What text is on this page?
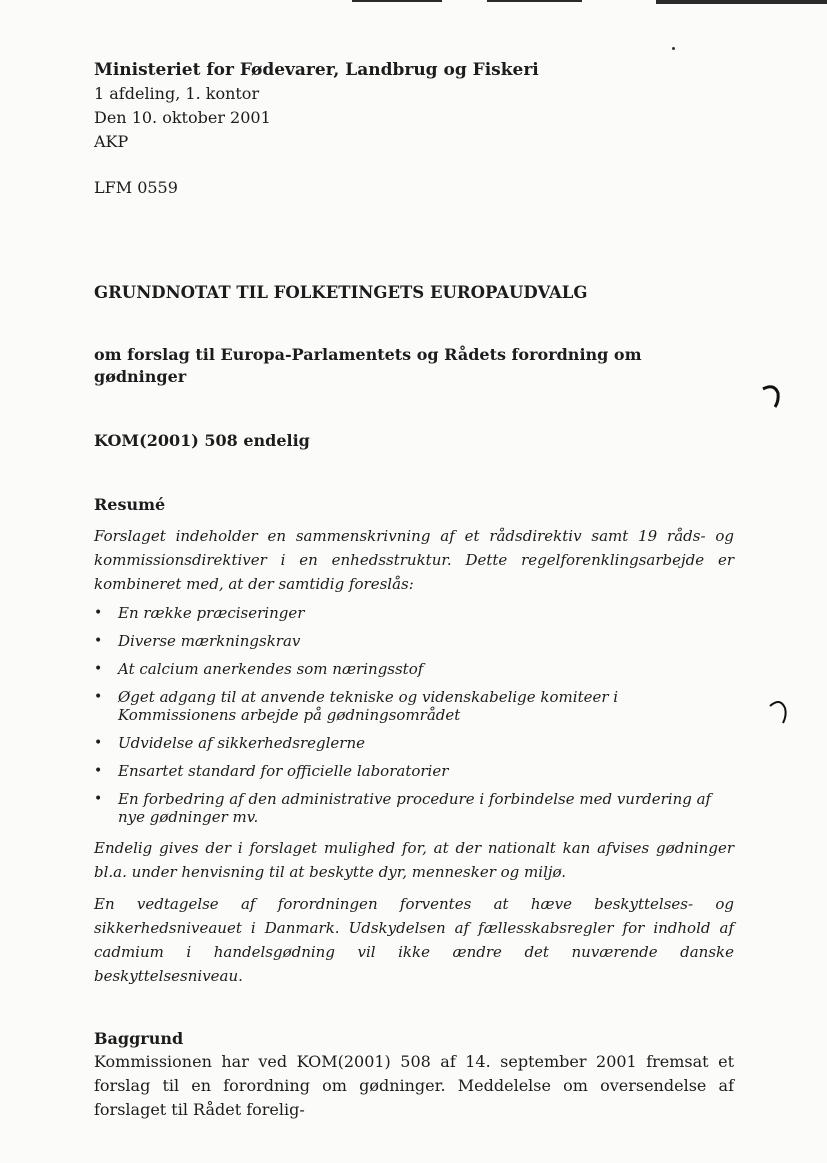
Ministeriet for Fødevarer, Landbrug og Fiskeri

1 afdeling, 1. kontor

Den 10. oktober 2001

AKP

LFM 0559

GRUNDNOTAT TIL FOLKETINGETS EUROPAUDVALG

om forslag til Europa-Parlamentets og Rådets forordning om gødninger

KOM(2001) 508 endelig

Resumé

Forslaget indeholder en sammenskrivning af et rådsdirektiv samt 19 råds- og kommissionsdirektiver i en enhedsstruktur. Dette regelforenklingsarbejde er kombineret med, at der samtidig foreslås:

• En række præciseringer
• Diverse mærkningskrav
• At calcium anerkendes som næringsstof
• Øget adgang til at anvende tekniske og videnskabelige komiteer i Kommissionens arbejde på gødningsområdet
• Udvidelse af sikkerhedsreglerne
• Ensartet standard for officielle laboratorier
• En forbedring af den administrative procedure i forbindelse med vurdering af nye gødninger mv.

Endelig gives der i forslaget mulighed for, at der nationalt kan afvises gødninger bl.a. under henvisning til at beskytte dyr, mennesker og miljø.

En vedtagelse af forordningen forventes at hæve beskyttelses- og sikkerhedsniveauet i Danmark. Udskydelsen af fællesskabsregler for indhold af cadmium i handelsgødning vil ikke ændre det nuværende danske beskyttelsesniveau.

Baggrund

Kommissionen har ved KOM(2001) 508 af 14. september 2001 fremsat et forslag til en forordning om gødninger. Meddelelse om oversendelse af forslaget til Rådet forelig-
